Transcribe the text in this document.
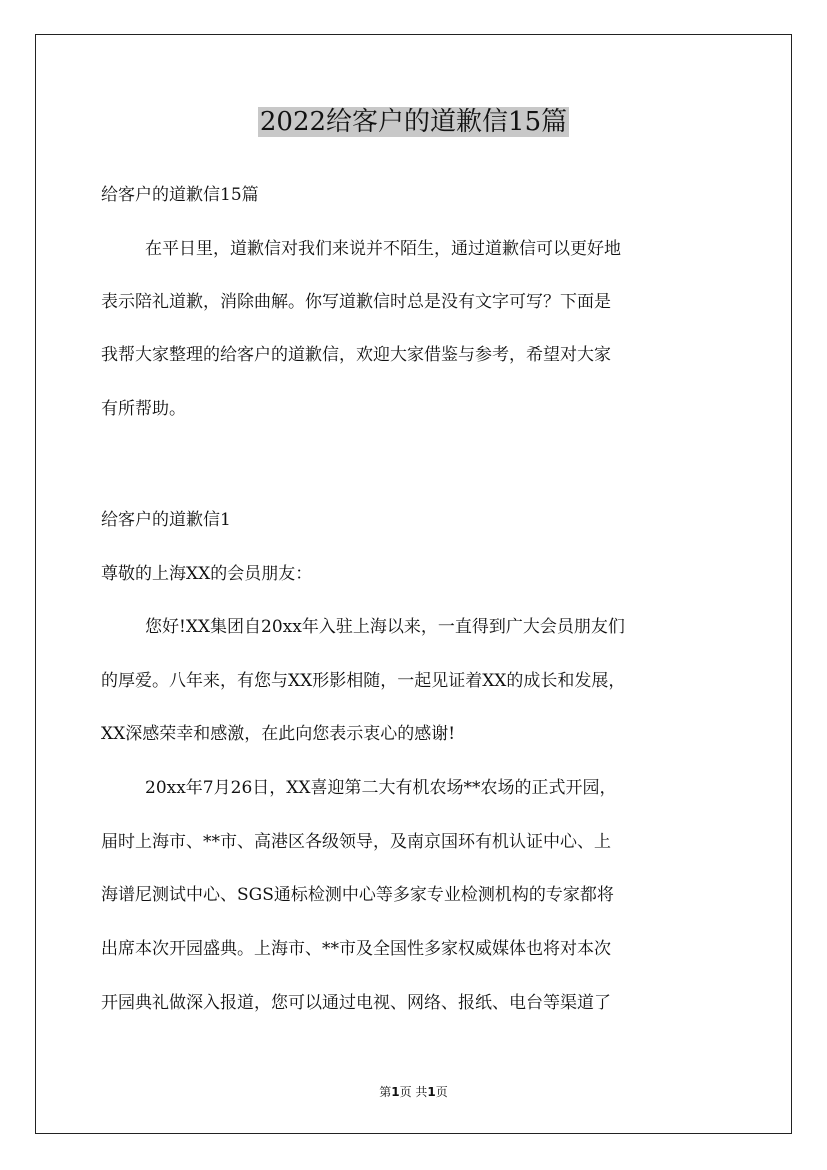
2022给客户的道歉信15篇

给客户的道歉信15篇

在平日里，道歉信对我们来说并不陌生，通过道歉信可以更好地

表示陪礼道歉，消除曲解。你写道歉信时总是没有文字可写？下面是

我帮大家整理的给客户的道歉信，欢迎大家借鉴与参考，希望对大家

有所帮助。

给客户的道歉信1

尊敬的上海XX的会员朋友：

您好!XX集团自20xx年入驻上海以来，一直得到广大会员朋友们

的厚爱。八年来，有您与XX形影相随，一起见证着XX的成长和发展，

XX深感荣幸和感激，在此向您表示衷心的感谢!

20xx年7月26日，XX喜迎第二大有机农场**农场的正式开园，

届时上海市、**市、高港区各级领导，及南京国环有机认证中心、上

海谱尼测试中心、SGS通标检测中心等多家专业检测机构的专家都将

出席本次开园盛典。上海市、**市及全国性多家权威媒体也将对本次

开园典礼做深入报道，您可以通过电视、网络、报纸、电台等渠道了

第1页 共1页
